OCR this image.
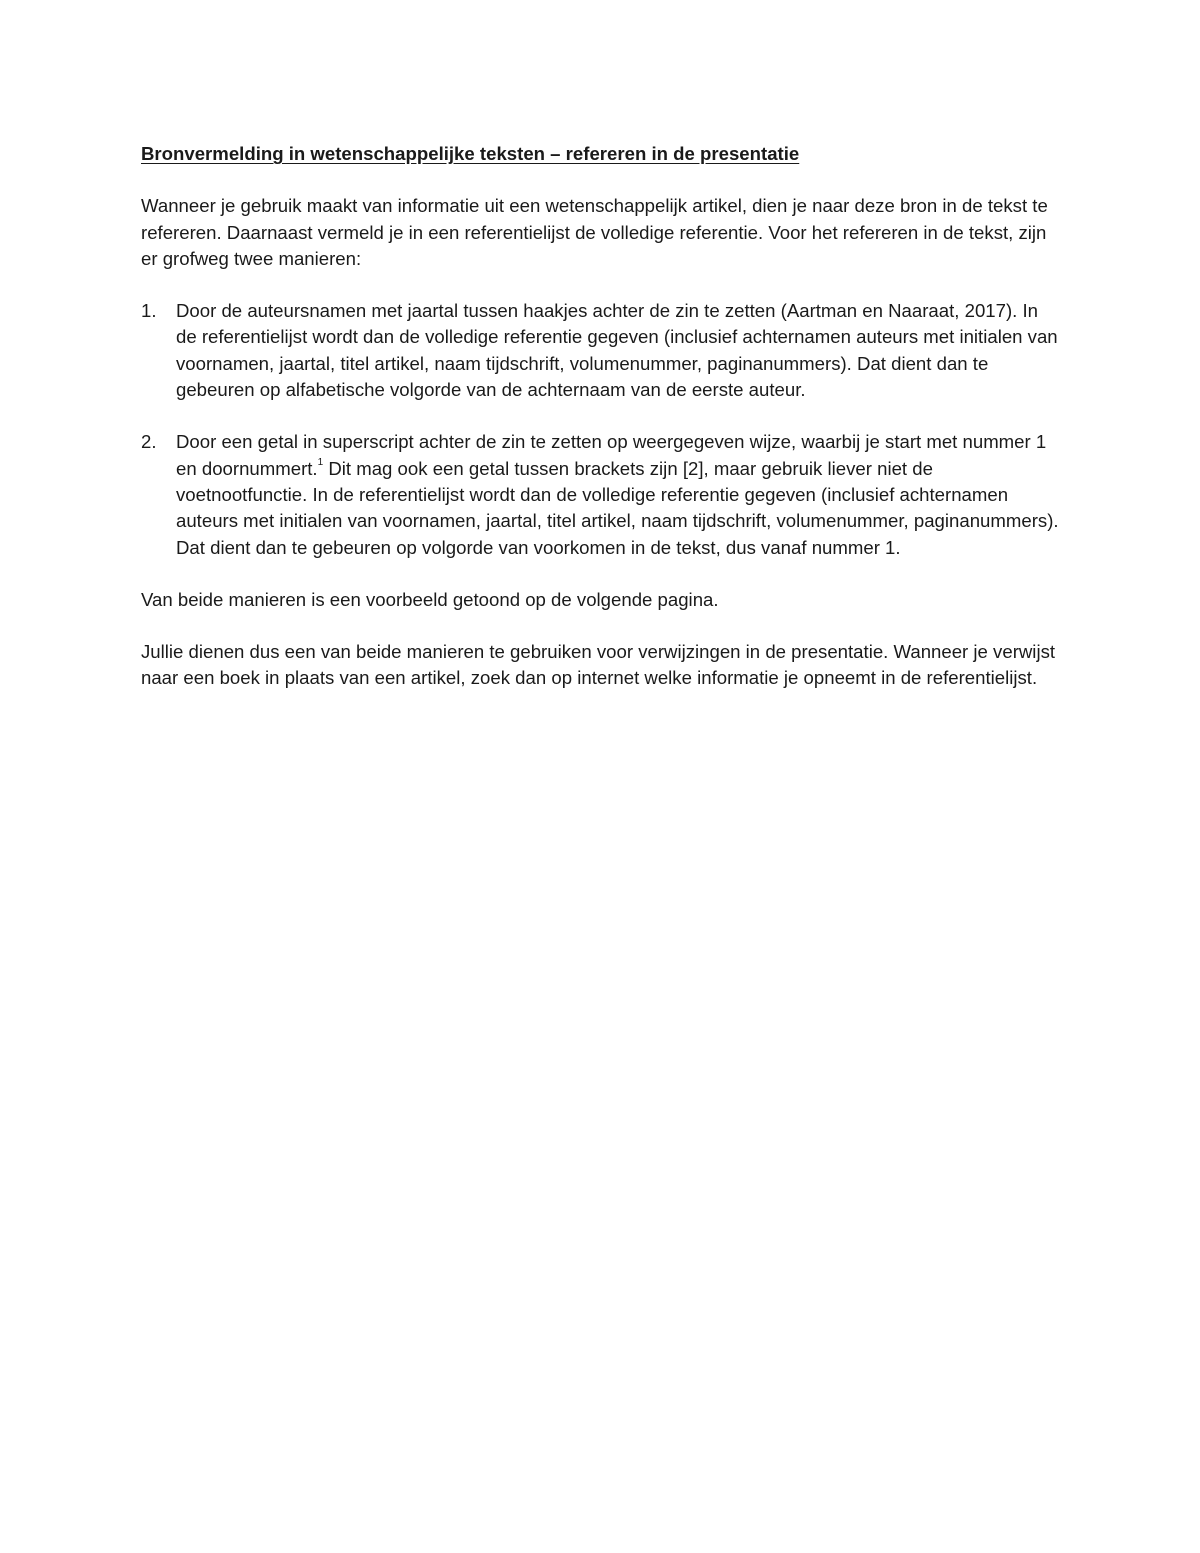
Bronvermelding in wetenschappelijke teksten – refereren in de presentatie

Wanneer je gebruik maakt van informatie uit een wetenschappelijk artikel, dien je naar deze bron in de tekst te refereren. Daarnaast vermeld je in een referentielijst de volledige referentie. Voor het refereren in de tekst, zijn er grofweg twee manieren:

1. Door de auteursnamen met jaartal tussen haakjes achter de zin te zetten (Aartman en Naaraat, 2017). In de referentielijst wordt dan de volledige referentie gegeven (inclusief achternamen auteurs met initialen van voornamen, jaartal, titel artikel, naam tijdschrift, volumenummer, paginanummers). Dat dient dan te gebeuren op alfabetische volgorde van de achternaam van de eerste auteur.
2. Door een getal in superscript achter de zin te zetten op weergegeven wijze, waarbij je start met nummer 1 en doornummert.$^1$ Dit mag ook een getal tussen brackets zijn [2], maar gebruik liever niet de voetnootfunctie. In de referentielijst wordt dan de volledige referentie gegeven (inclusief achternamen auteurs met initialen van voornamen, jaartal, titel artikel, naam tijdschrift, volumenummer, paginanummers). Dat dient dan te gebeuren op volgorde van voorkomen in de tekst, dus vanaf nummer 1.

Van beide manieren is een voorbeeld getoond op de volgende pagina.

Jullie dienen dus een van beide manieren te gebruiken voor verwijzingen in de presentatie. Wanneer je verwijst naar een boek in plaats van een artikel, zoek dan op internet welke informatie je opneemt in de referentielijst.
